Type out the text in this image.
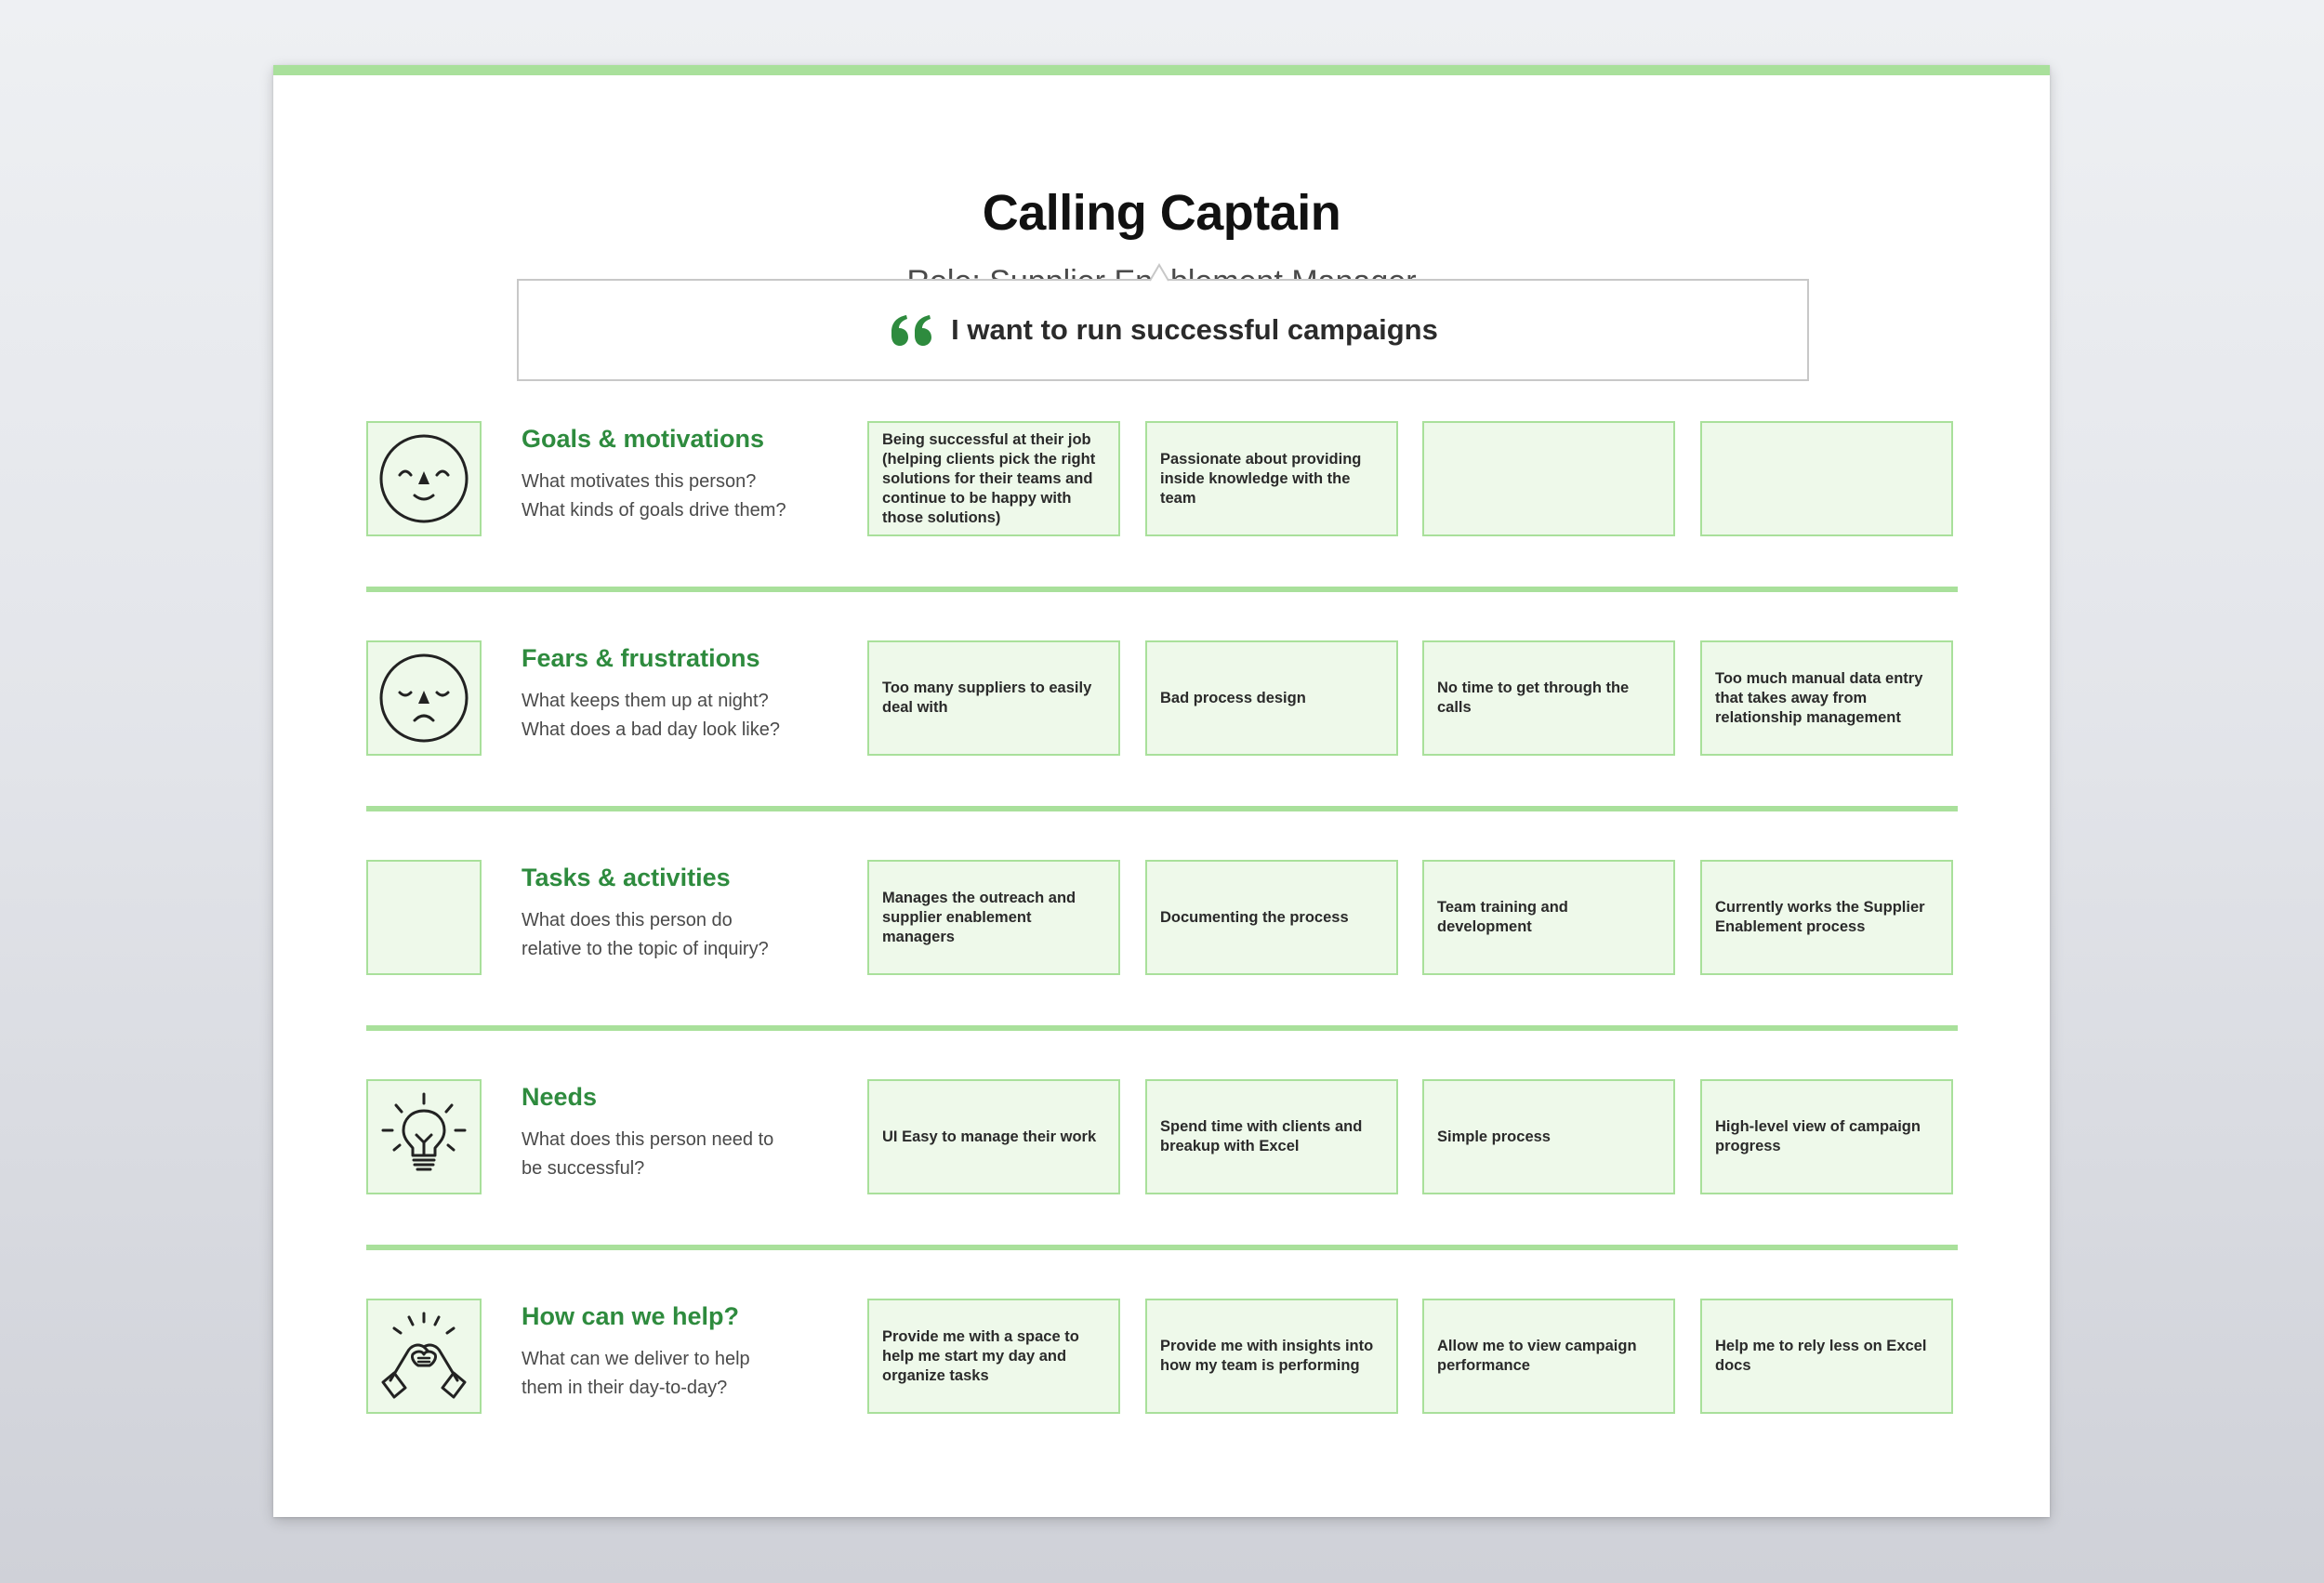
Calling Captain
I want to run successful campaigns
Goals & motivations
What motivates this person?
What kinds of goals drive them?
Being successful at their job (helping clients pick the right solutions for their teams and continue to be happy with those solutions)
Passionate about providing inside knowledge with the team
Fears & frustrations
What keeps them up at night?
What does a bad day look like?
Too many suppliers to easily deal with
Bad process design
No time to get through the calls
Too much manual data entry that takes away from relationship management
Tasks & activities
What does this person do
relative to the topic of inquiry?
Manages the outreach and supplier enablement managers
Documenting the process
Team training and development
Currently works the Supplier Enablement process
Needs
What does this person need to
be successful?
UI Easy to manage their work
Spend time with clients and breakup with Excel
Simple process
High-level view of campaign progress
How can we help?
What can we deliver to help
them in their day-to-day?
Provide me with a space to help me start my day and organize tasks
Provide me with insights into how my team is performing
Allow me to view campaign performance
Help me to rely less on Excel docs
